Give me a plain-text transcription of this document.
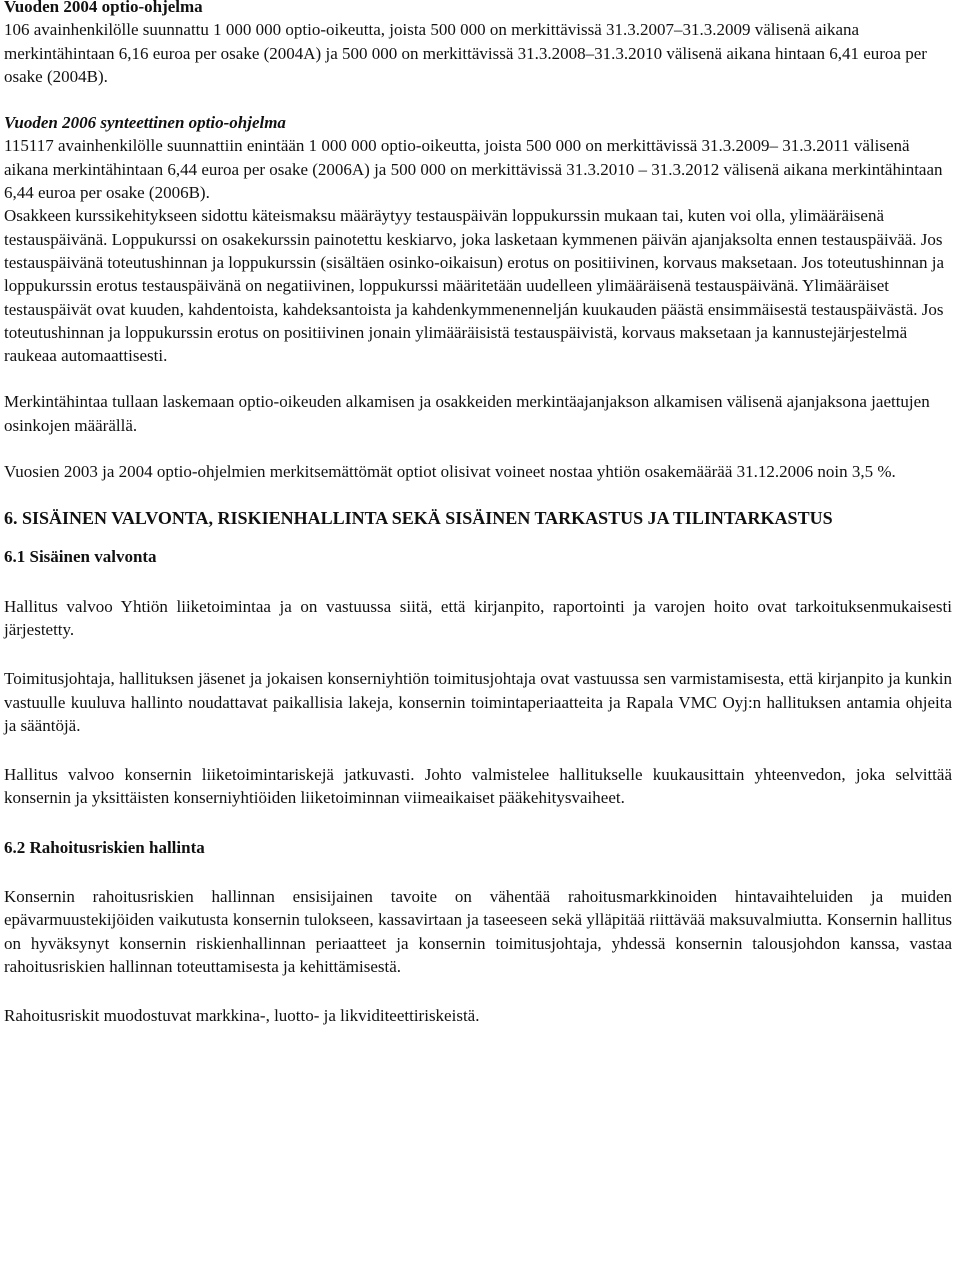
Vuoden 2004 optio-ohjelma

106 avainhenkilölle suunnattu 1 000 000 optio-oikeutta, joista 500 000 on merkittävissä 31.3.2007–31.3.2009 välisenä aikana merkintähintaan 6,16 euroa per osake (2004A) ja 500 000 on merkittävissä 31.3.2008–31.3.2010 välisenä aikana hintaan 6,41 euroa per osake (2004B).

Vuoden 2006 synteettinen optio-ohjelma

115117 avainhenkilölle suunnattiin enintään 1 000 000 optio-oikeutta, joista 500 000 on merkittävissä 31.3.2009– 31.3.2011 välisenä aikana merkintähintaan 6,44 euroa per osake (2006A) ja 500 000 on merkittävissä 31.3.2010 – 31.3.2012 välisenä aikana merkintähintaan 6,44 euroa per osake (2006B).

Osakkeen kurssikehitykseen sidottu käteismaksu määräytyy testauspäivän loppukurssin mukaan tai, kuten voi olla, ylimääräisenä testauspäivänä. Loppukurssi on osakekurssin painotettu keskiarvo, joka lasketaan kymmenen päivän ajanjaksolta ennen testauspäivää. Jos testauspäivänä toteutushinnan ja loppukurssin (sisältäen osinko-oikaisun) erotus on positiivinen, korvaus maksetaan. Jos toteutushinnan ja loppukurssin erotus testauspäivänä on negatiivinen, loppukurssi määritetään uudelleen ylimääräisenä testauspäivänä. Ylimääräiset testauspäivät ovat kuuden, kahdentoista, kahdeksantoista ja kahdenkymmenennelján kuukauden päästä ensimmäisestä testauspäivästä. Jos toteutushinnan ja loppukurssin erotus on positiivinen jonain ylimääräisistä testauspäivistä, korvaus maksetaan ja kannustejärjestelmä raukeaa automaattisesti.

Merkintähintaa tullaan laskemaan optio-oikeuden alkamisen ja osakkeiden merkintäajanjakson alkamisen välisenä ajanjaksona jaettujen osinkojen määrällä.

Vuosien 2003 ja 2004 optio-ohjelmien merkitsemättömät optiot olisivat voineet nostaa yhtiön osakemäärää 31.12.2006 noin 3,5 %.

6. SISÄINEN VALVONTA, RISKIENHALLINTA SEKÄ SISÄINEN TARKASTUS JA TILINTARKASTUS

6.1 Sisäinen valvonta

Hallitus valvoo Yhtiön liiketoimintaa ja on vastuussa siitä, että kirjanpito, raportointi ja varojen hoito ovat tarkoituksenmukaisesti järjestetty.

Toimitusjohtaja, hallituksen jäsenet ja jokaisen konserniyhtiön toimitusjohtaja ovat vastuussa sen varmistamisesta, että kirjanpito ja kunkin vastuulle kuuluva hallinto noudattavat paikallisia lakeja, konsernin toimintaperiaatteita ja Rapala VMC Oyj:n hallituksen antamia ohjeita ja sääntöjä.

Hallitus valvoo konsernin liiketoimintariskejä jatkuvasti. Johto valmistelee hallitukselle kuukausittain yhteenvedon, joka selvittää konsernin ja yksittäisten konserniyhtiöiden liiketoiminnan viimeaikaiset pääkehitysvaiheet.

6.2 Rahoitusriskien hallinta

Konsernin rahoitusriskien hallinnan ensisijainen tavoite on vähentää rahoitusmarkkinoiden hintavaihteluiden ja muiden epävarmuustekijöiden vaikutusta konsernin tulokseen, kassavirtaan ja taseeseen sekä ylläpitää riittävää maksuvalmiutta. Konsernin hallitus on hyväksynyt konsernin riskienhallinnan periaatteet ja konsernin toimitusjohtaja, yhdessä konsernin talousjohdon kanssa, vastaa rahoitusriskien hallinnan toteuttamisesta ja kehittämisestä.

Rahoitusriskit muodostuvat markkina-, luotto- ja likviditeettiriskeistä.
